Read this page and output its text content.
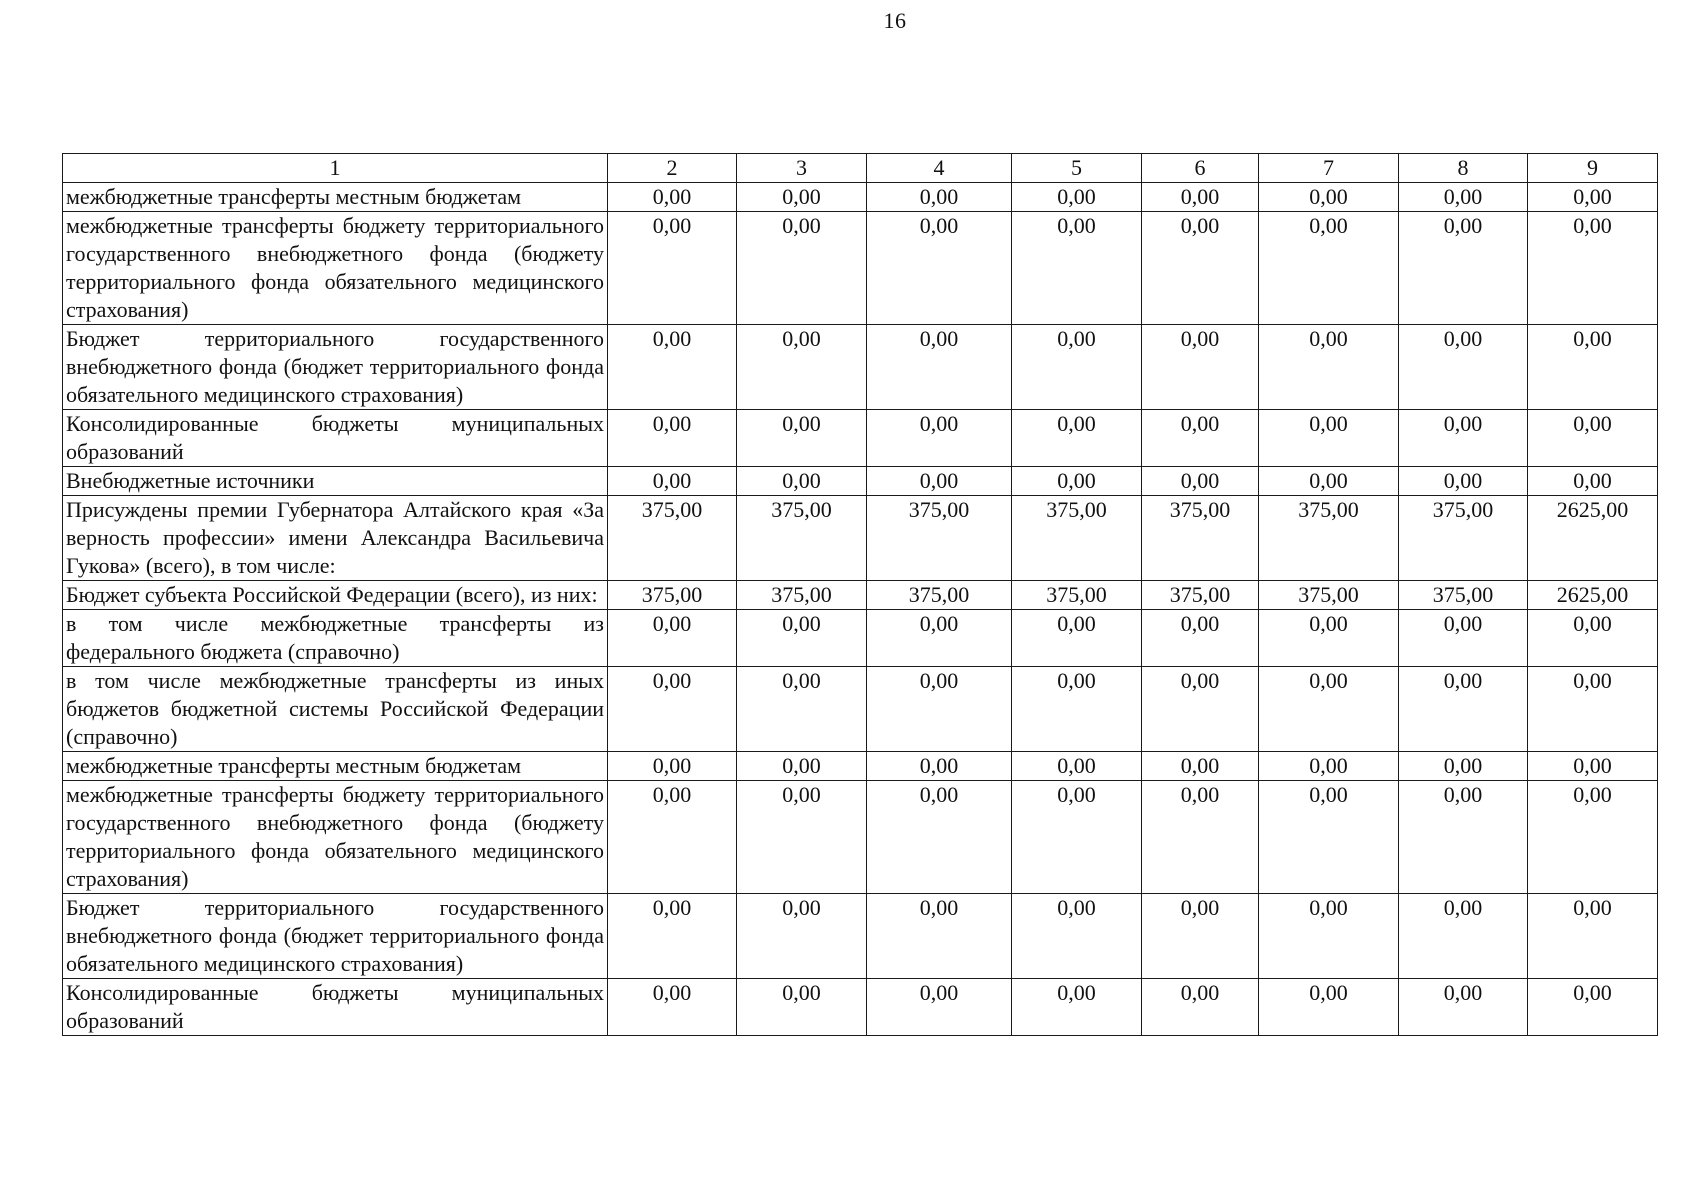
16
1	2	3	4	5	6	7	8	9
межбюджетные трансферты местным бюджетам	0,00	0,00	0,00	0,00	0,00	0,00	0,00	0,00
межбюджетные трансферты бюджету территориального государственного внебюджетного фонда (бюджету территориального фонда обязательного медицинского страхования)	0,00	0,00	0,00	0,00	0,00	0,00	0,00	0,00
Бюджет территориального государственного внебюджетного фонда (бюджет территориального фонда обязательного медицинского страхования)	0,00	0,00	0,00	0,00	0,00	0,00	0,00	0,00
Консолидированные бюджеты муниципальных образований	0,00	0,00	0,00	0,00	0,00	0,00	0,00	0,00
Внебюджетные источники	0,00	0,00	0,00	0,00	0,00	0,00	0,00	0,00
Присуждены премии Губернатора Алтайского края «За верность профессии» имени Александра Васильевича Гукова» (всего), в том числе:	375,00	375,00	375,00	375,00	375,00	375,00	375,00	2625,00
Бюджет субъекта Российской Федерации (всего), из них:	375,00	375,00	375,00	375,00	375,00	375,00	375,00	2625,00
в том числе межбюджетные трансферты из федерального бюджета (справочно)	0,00	0,00	0,00	0,00	0,00	0,00	0,00	0,00
в том числе межбюджетные трансферты из иных бюджетов бюджетной системы Российской Федерации (справочно)	0,00	0,00	0,00	0,00	0,00	0,00	0,00	0,00
межбюджетные трансферты местным бюджетам	0,00	0,00	0,00	0,00	0,00	0,00	0,00	0,00
межбюджетные трансферты бюджету территориального государственного внебюджетного фонда (бюджету территориального фонда обязательного медицинского страхования)	0,00	0,00	0,00	0,00	0,00	0,00	0,00	0,00
Бюджет территориального государственного внебюджетного фонда (бюджет территориального фонда обязательного медицинского страхования)	0,00	0,00	0,00	0,00	0,00	0,00	0,00	0,00
Консолидированные бюджеты муниципальных образований	0,00	0,00	0,00	0,00	0,00	0,00	0,00	0,00
